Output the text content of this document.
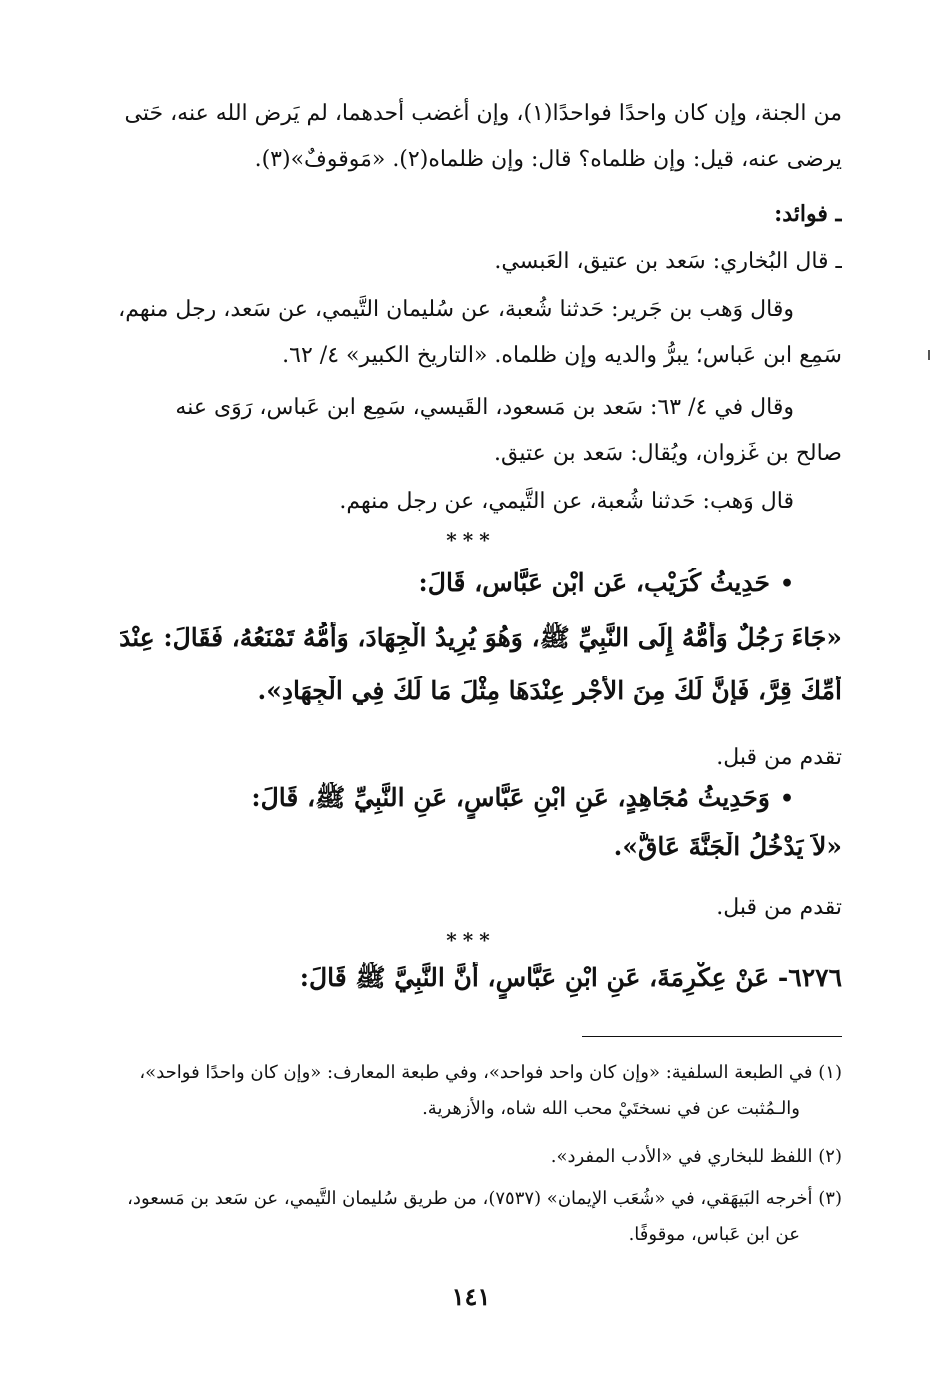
من الجنة، وإن كان واحدًا فواحدًا(١)، وإن أغضب أحدهما، لم يَرض الله عنه، حَتى
يرضى عنه، قيل: وإن ظلماه؟ قال: وإن ظلماه(٢). «مَوقوفٌ»(٣).
ـ فوائد:
ـ قال البُخاري: سَعد بن عتيق، العَبسي.
وقال وَهب بن جَرير: حَدثنا شُعبة، عن سُليمان التَّيمي، عن سَعد، رجل منهم،
سَمِع ابن عَباس؛ يبرُّ والديه وإن ظلماه. «التاريخ الكبير» ٤/ ٦٢.
وقال في ٤/ ٦٣: سَعد بن مَسعود، القَيسي، سَمِع ابن عَباس، رَوَى عنه
صالح بن غَزوان، ويُقال: سَعد بن عتيق.
قال وَهب: حَدثنا شُعبة، عن التَّيمي، عن رجل منهم.
***
•حَدِيثُ كُرَيْبٍ، عَنِ ابْنِ عَبَّاسٍ، قَالَ:
«جَاءَ رَجُلٌ وَأُمُّهُ إِلَى النَّبِيِّ ﷺ، وَهُوَ يُرِيدُ الْجِهَادَ، وَأُمُّهُ تَمْنَعُهُ، فَقَالَ: عِنْدَ
أُمِّكَ قِرَّ، فَإِنَّ لَكَ مِنَ الأَجْرِ عِنْدَهَا مِثْلَ مَا لَكَ فِي الْجِهَادِ».
تقدم من قبل.
•وَحَدِيثُ مُجَاهِدٍ، عَنِ ابْنِ عَبَّاسٍ، عَنِ النَّبِيِّ ﷺ، قَالَ:
«لاَ يَدْخُلُ الْجَنَّةَ عَاقٌّ».
تقدم من قبل.
***
٦٢٧٦- عَنْ عِكْرِمَةَ، عَنِ ابْنِ عَبَّاسٍ، أَنَّ النَّبِيَّ ﷺ قَالَ:
(١) في الطبعة السلفية: «وإن كان واحد فواحد»، وفي طبعة المعارف: «وإن كان واحدًا فواحد»،
والـمُثبت عن في نسختَيْ محب الله شاه، والأزهرية.
(٢) اللفظ للبخاري في «الأدب المفرد».
(٣) أخرجه البَيهَقي، في «شُعَب الإيمان» (٧٥٣٧)، من طريق سُليمان التَّيمي، عن سَعد بن مَسعود،
عن ابن عَباس، موقوفًا.
١٤١
